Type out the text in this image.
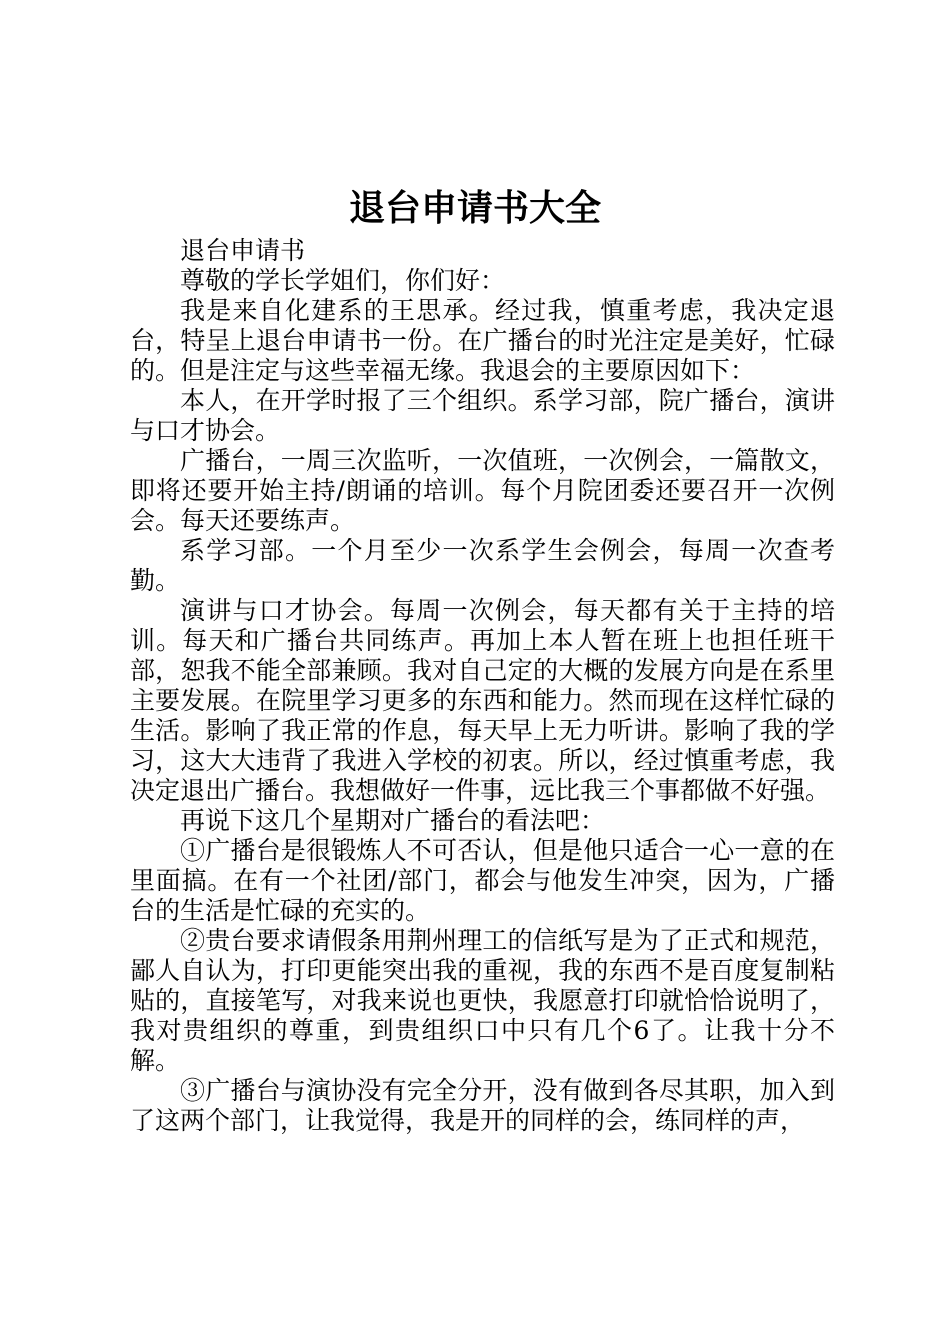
退台申请书大全

退台申请书

尊敬的学长学姐们，你们好：

我是来自化建系的王思承。经过我，慎重考虑，我决定退台，特呈上退台申请书一份。在广播台的时光注定是美好，忙碌的。但是注定与这些幸福无缘。我退会的主要原因如下：

本人，在开学时报了三个组织。系学习部，院广播台，演讲与口才协会。

广播台，一周三次监听，一次值班，一次例会，一篇散文，即将还要开始主持/朗诵的培训。每个月院团委还要召开一次例会。每天还要练声。

系学习部。一个月至少一次系学生会例会，每周一次查考勤。

演讲与口才协会。每周一次例会，每天都有关于主持的培训。每天和广播台共同练声。再加上本人暂在班上也担任班干部，恕我不能全部兼顾。我对自己定的大概的发展方向是在系里主要发展。在院里学习更多的东西和能力。然而现在这样忙碌的生活。影响了我正常的作息，每天早上无力听讲。影响了我的学习，这大大违背了我进入学校的初衷。所以，经过慎重考虑，我决定退出广播台。我想做好一件事，远比我三个事都做不好强。

再说下这几个星期对广播台的看法吧：

①广播台是很锻炼人不可否认，但是他只适合一心一意的在里面搞。在有一个社团/部门，都会与他发生冲突，因为，广播台的生活是忙碌的充实的。

②贵台要求请假条用荆州理工的信纸写是为了正式和规范，鄙人自认为，打印更能突出我的重视，我的东西不是百度复制粘贴的，直接笔写，对我来说也更快，我愿意打印就恰恰说明了，我对贵组织的尊重，到贵组织口中只有几个6了。让我十分不解。

③广播台与演协没有完全分开，没有做到各尽其职，加入到了这两个部门，让我觉得，我是开的同样的会，练同样的声，
